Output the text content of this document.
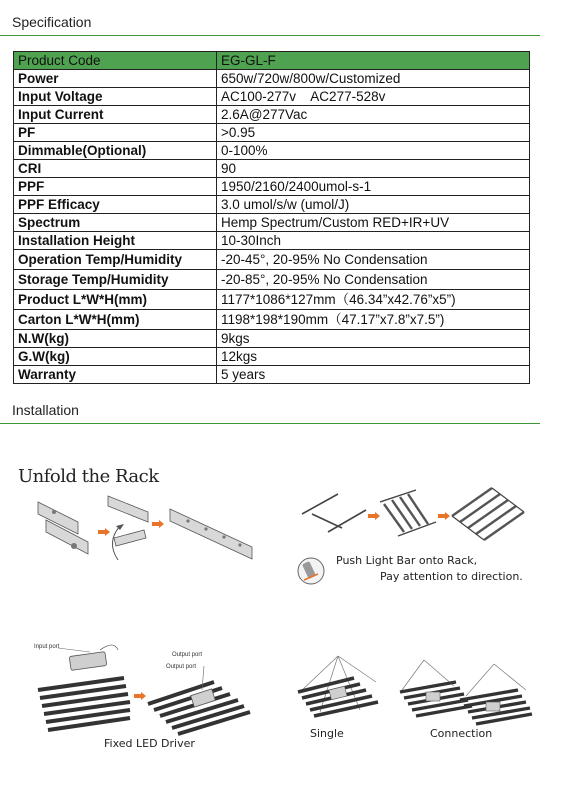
Specification
Product Code	EG-GL-F
Power	650w/720w/800w/Customized
Input Voltage	AC100-277v    AC277-528v
Input Current	2.6A@277Vac
PF	>0.95
Dimmable(Optional)	0-100%
CRI	90
PPF	1950/2160/2400umol-s-1
PPF Efficacy	3.0 umol/s/w (umol/J)
Spectrum	Hemp Spectrum/Custom RED+IR+UV
Installation Height	10-30Inch
Operation Temp/Humidity	-20-45°, 20-95% No Condensation
Storage Temp/Humidity	-20-85°, 20-95% No Condensation
Product L*W*H(mm)	1177*1086*127mm（46.34”x42.76”x5”)
Carton L*W*H(mm)	1198*198*190mm（47.17”x7.8”x7.5”)
N.W(kg)	9kgs
G.W(kg)	12kgs
Warranty	5 years
Installation
Unfold the Rack
Push Light Bar onto Rack,
Pay attention to direction.
Input port
Output port
Output port
Fixed LED Driver
Single	Connection
